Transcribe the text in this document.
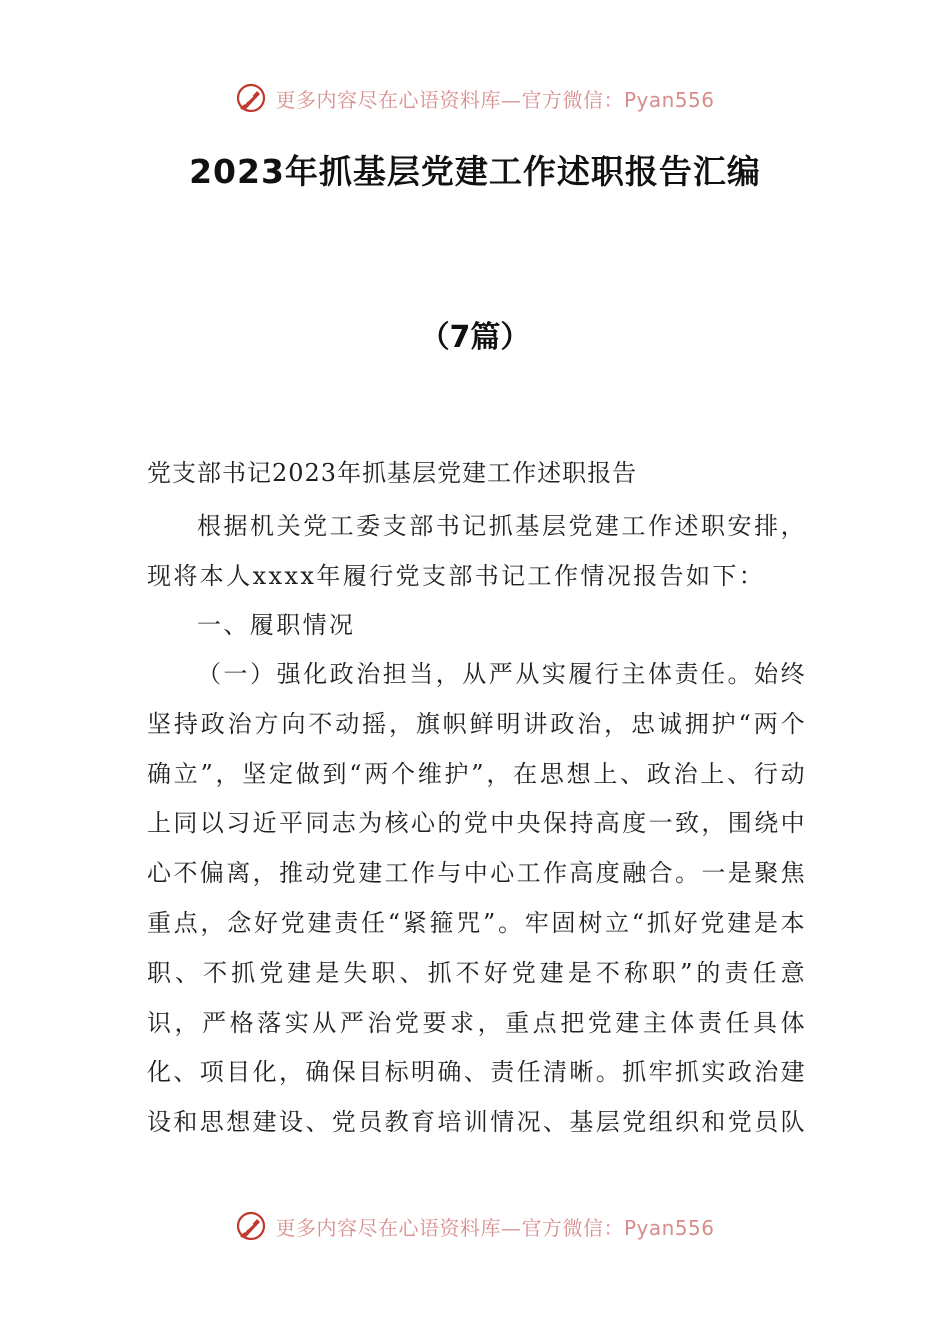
更多内容尽在心语资料库—官方微信：Pyan556
2023年抓基层党建工作述职报告汇编
（7篇）
党支部书记2023年抓基层党建工作述职报告

根据机关党工委支部书记抓基层党建工作述职安排，现将本人xxxx年履行党支部书记工作情况报告如下：

一、履职情况

（一）强化政治担当，从严从实履行主体责任。始终坚持政治方向不动摇，旗帜鲜明讲政治，忠诚拥护“两个确立”，坚定做到“两个维护”，在思想上、政治上、行动上同以习近平同志为核心的党中央保持高度一致，围绕中心不偏离，推动党建工作与中心工作高度融合。一是聚焦重点，念好党建责任“紧箍咒”。牢固树立“抓好党建是本职、不抓党建是失职、抓不好党建是不称职”的责任意识，严格落实从严治党要求，重点把党建主体责任具体化、项目化，确保目标明确、责任清晰。抓牢抓实政治建设和思想建设、党员教育培训情况、基层党组织和党员队

更多内容尽在心语资料库—官方微信：Pyan556
